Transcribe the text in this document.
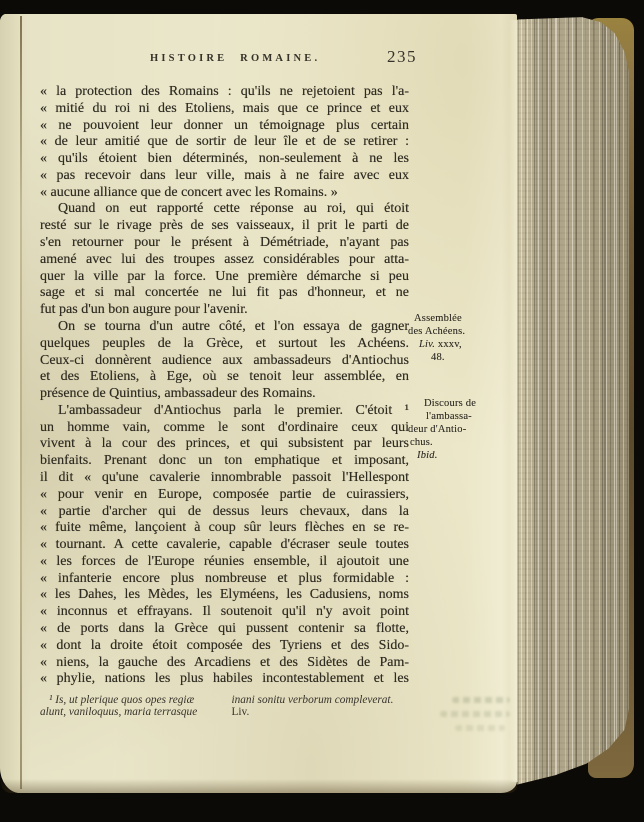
HISTOIRE ROMAINE.	235
« la protection des Romains : qu'ils ne rejetoient pas l'a-
« mitié du roi ni des Etoliens, mais que ce prince et eux
« ne pouvoient leur donner un témoignage plus certain
« de leur amitié que de sortir de leur île et de se retirer :
« qu'ils étoient bien déterminés, non-seulement à ne les
« pas recevoir dans leur ville, mais à ne faire avec eux
« aucune alliance que de concert avec les Romains. »
Quand on eut rapporté cette réponse au roi, qui étoit
resté sur le rivage près de ses vaisseaux, il prit le parti de
s'en retourner pour le présent à Démétriade, n'ayant pas
amené avec lui des troupes assez considérables pour atta-
quer la ville par la force. Une première démarche si peu
sage et si mal concertée ne lui fit pas d'honneur, et ne
fut pas d'un bon augure pour l'avenir.
On se tourna d'un autre côté, et l'on essaya de gagner
quelques peuples de la Grèce, et surtout les Achéens.
Ceux-ci donnèrent audience aux ambassadeurs d'Antiochus
et des Etoliens, à Ege, où se tenoit leur assemblée, en
présence de Quintius, ambassadeur des Romains.
L'ambassadeur d'Antiochus parla le premier. C'étoit ¹
un homme vain, comme le sont d'ordinaire ceux qui
vivent à la cour des princes, et qui subsistent par leurs
bienfaits. Prenant donc un ton emphatique et imposant,
il dit « qu'une cavalerie innombrable passoit l'Hellespont
« pour venir en Europe, composée partie de cuirassiers,
« partie d'archer qui de dessus leurs chevaux, dans la
« fuite même, lançoient à coup sûr leurs flèches en se re-
« tournant. A cette cavalerie, capable d'écraser seule toutes
« les forces de l'Europe réunies ensemble, il ajoutoit une
« infanterie encore plus nombreuse et plus formidable :
« les Dahes, les Mèdes, les Elyméens, les Cadusiens, noms
« inconnus et effrayans. Il soutenoit qu'il n'y avoit point
« de ports dans la Grèce qui pussent contenir sa flotte,
« dont la droite étoit composée des Tyriens et des Sido-
« niens, la gauche des Arcadiens et des Sidètes de Pam-
« phylie, nations les plus habiles incontestablement et les
Assemblée
des Achéens.
Liv. xxxv,
48.
Discours de
l'ambassa-
deur d'Antio-
chus.
Ibid.
¹ Is, ut plerique quos opes regiæ
alunt, vaniloquus, maria terrasque
inani sonitu verborum compleverat.
Liv.
